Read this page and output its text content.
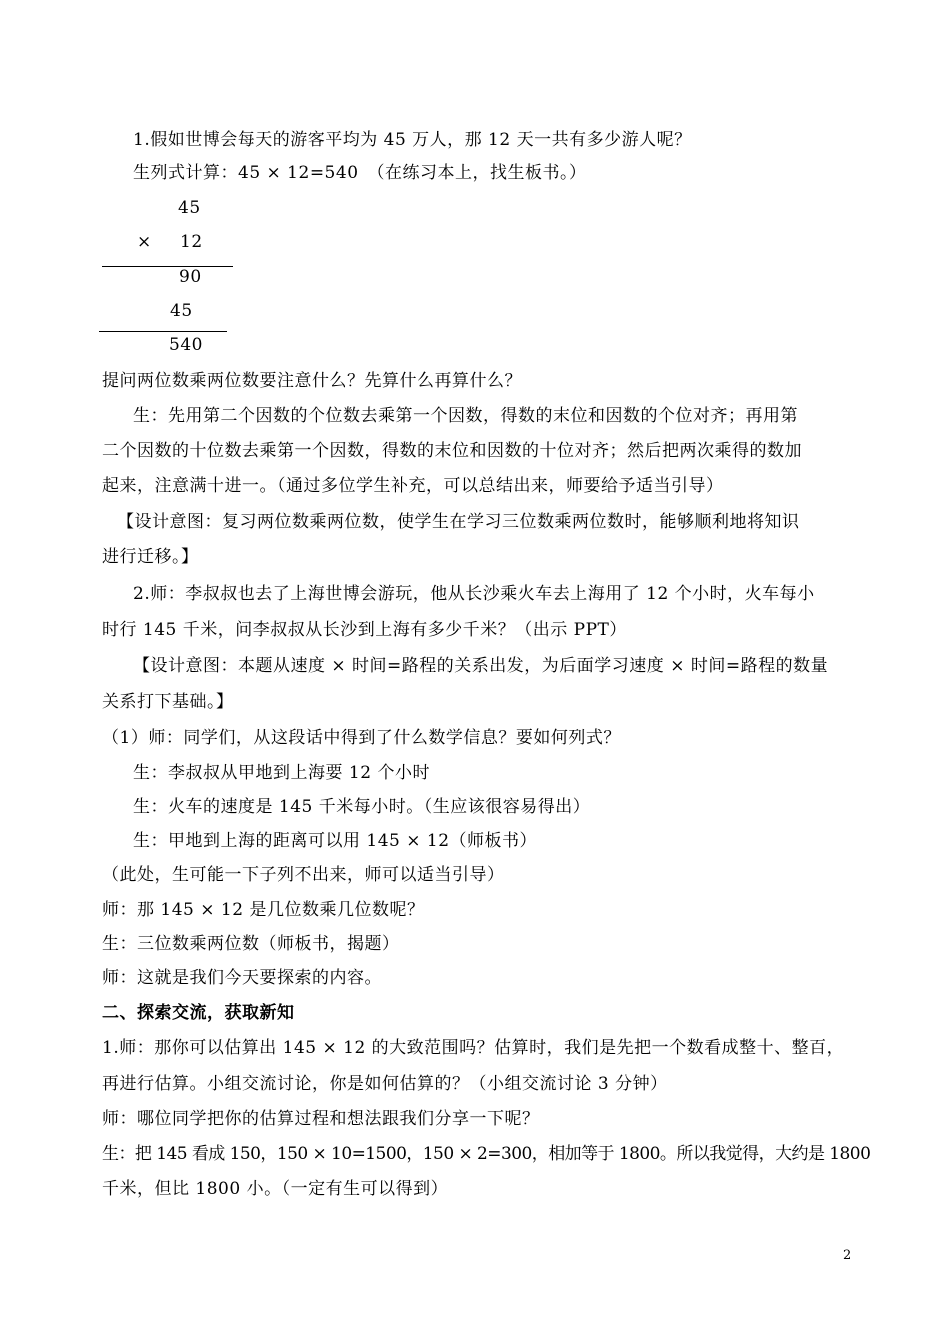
1.假如世博会每天的游客平均为 45 万人，那 12 天一共有多少游人呢？
生列式计算：45 × 12=540　（在练习本上，找生板书。）
45
× 12
90
45
540
提问两位数乘两位数要注意什么？先算什么再算什么？
生：先用第二个因数的个位数去乘第一个因数，得数的末位和因数的个位对齐；再用第
二个因数的十位数去乘第一个因数，得数的末位和因数的十位对齐；然后把两次乘得的数加
起来，注意满十进一。（通过多位学生补充，可以总结出来，师要给予适当引导）
【设计意图：复习两位数乘两位数，使学生在学习三位数乘两位数时，能够顺利地将知识
进行迁移。】
2.师：李叔叔也去了上海世博会游玩，他从长沙乘火车去上海用了 12 个小时，火车每小
时行 145 千米，问李叔叔从长沙到上海有多少千米？（出示 PPT）
【设计意图：本题从速度 × 时间=路程的关系出发，为后面学习速度 × 时间=路程的数量
关系打下基础。】
（1）师：同学们，从这段话中得到了什么数学信息？要如何列式？
生：李叔叔从甲地到上海要 12 个小时
生：火车的速度是 145 千米每小时。（生应该很容易得出）
生：甲地到上海的距离可以用 145 × 12（师板书）
（此处，生可能一下子列不出来，师可以适当引导）
师：那 145 × 12 是几位数乘几位数呢？
生：三位数乘两位数（师板书，揭题）
师：这就是我们今天要探索的内容。
二、探索交流，获取新知
1.师：那你可以估算出 145 × 12 的大致范围吗？估算时，我们是先把一个数看成整十、整百，
再进行估算。小组交流讨论，你是如何估算的？（小组交流讨论 3 分钟）
师：哪位同学把你的估算过程和想法跟我们分享一下呢？
生：把 145 看成 150，150 × 10=1500，150 × 2=300，相加等于 1800。所以我觉得，大约是 1800
千米，但比 1800 小。（一定有生可以得到）
2
